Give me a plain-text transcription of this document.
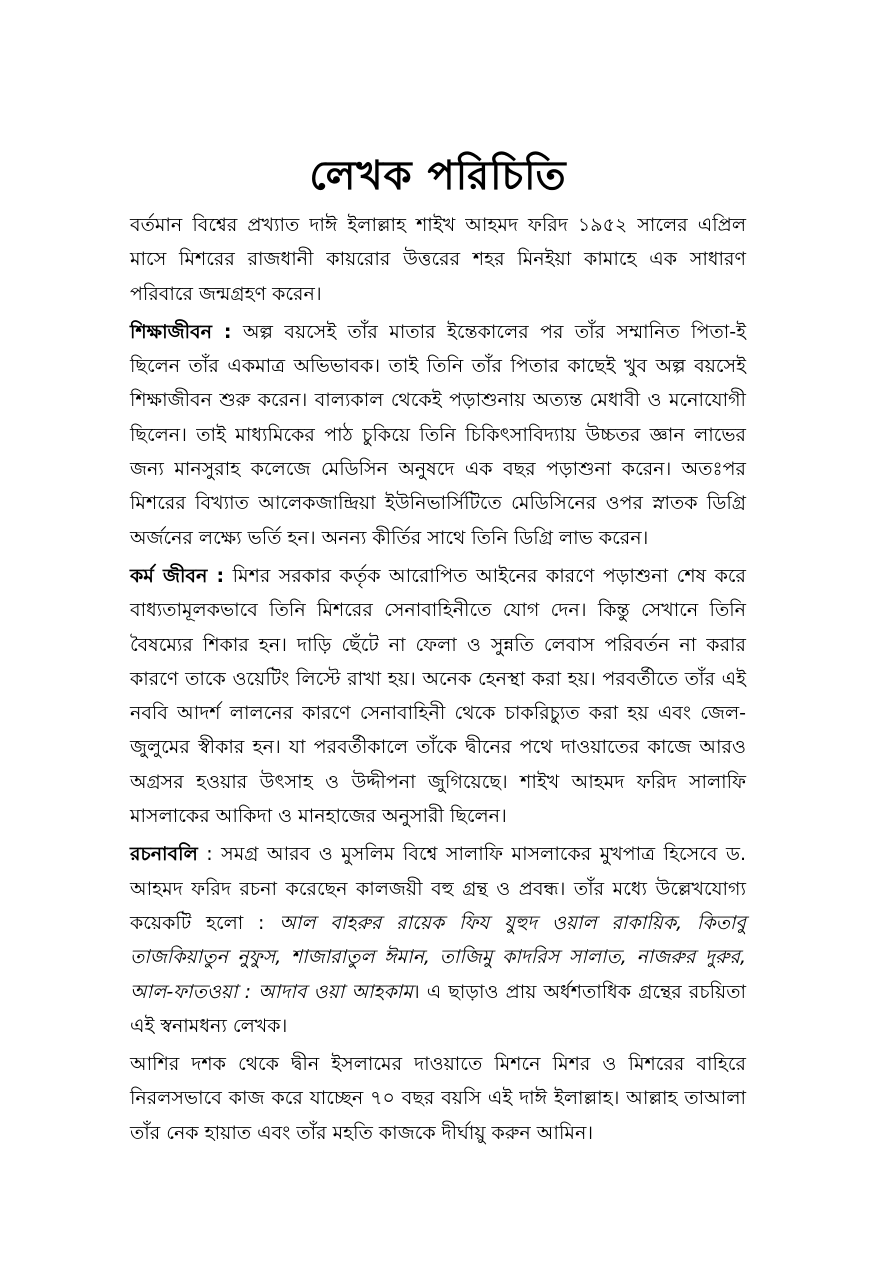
লেখক পরিচিতি

বর্তমান বিশ্বের প্রখ্যাত দাঈ ইলাল্লাহ শাইখ আহমদ ফরিদ ১৯৫২ সালের এপ্রিল মাসে মিশরের রাজধানী কায়রোর উত্তরের শহর মিনইয়া কামাহে এক সাধারণ পরিবারে জন্মগ্রহণ করেন।

শিক্ষাজীবন : অল্প বয়সেই তাঁর মাতার ইন্তেকালের পর তাঁর সম্মানিত পিতা-ই ছিলেন তাঁর একমাত্র অভিভাবক। তাই তিনি তাঁর পিতার কাছেই খুব অল্প বয়সেই শিক্ষাজীবন শুরু করেন। বাল্যকাল থেকেই পড়াশুনায় অত্যন্ত মেধাবী ও মনোযোগী ছিলেন। তাই মাধ্যমিকের পাঠ চুকিয়ে তিনি চিকিৎসাবিদ্যায় উচ্চতর জ্ঞান লাভের জন্য মানসুরাহ কলেজে মেডিসিন অনুষদে এক বছর পড়াশুনা করেন। অতঃপর মিশরের বিখ্যাত আলেকজান্দ্রিয়া ইউনিভার্সিটিতে মেডিসিনের ওপর স্নাতক ডিগ্রি অর্জনের লক্ষ্যে ভর্তি হন। অনন্য কীর্তির সাথে তিনি ডিগ্রি লাভ করেন।

কর্ম জীবন : মিশর সরকার কর্তৃক আরোপিত আইনের কারণে পড়াশুনা শেষ করে বাধ্যতামূলকভাবে তিনি মিশরের সেনাবাহিনীতে যোগ দেন। কিন্তু সেখানে তিনি বৈষম্যের শিকার হন। দাড়ি ছেঁটে না ফেলা ও সুন্নতি লেবাস পরিবর্তন না করার কারণে তাকে ওয়েটিং লিস্টে রাখা হয়। অনেক হেনস্থা করা হয়। পরবর্তীতে তাঁর এই নববি আদর্শ লালনের কারণে সেনাবাহিনী থেকে চাকরিচ্যুত করা হয় এবং জেল-জুলুমের স্বীকার হন। যা পরবর্তীকালে তাঁকে দ্বীনের পথে দাওয়াতের কাজে আরও অগ্রসর হওয়ার উৎসাহ ও উদ্দীপনা জুগিয়েছে। শাইখ আহমদ ফরিদ সালাফি মাসলাকের আকিদা ও মানহাজের অনুসারী ছিলেন।

রচনাবলি : সমগ্র আরব ও মুসলিম বিশ্বে সালাফি মাসলাকের মুখপাত্র হিসেবে ড. আহমদ ফরিদ রচনা করেছেন কালজয়ী বহু গ্রন্থ ও প্রবন্ধ। তাঁর মধ্যে উল্লেখযোগ্য কয়েকটি হলো : আল বাহরুর রায়েক ফিয যুহুদ ওয়াল রাকায়িক, কিতাবু তাজকিয়াতুন নুফুস, শাজারাতুল ঈমান, তাজিমু কাদরিস সালাত, নাজরুর দুরুর, আল-ফাতওয়া : আদাব ওয়া আহকাম। এ ছাড়াও প্রায় অর্ধশতাধিক গ্রন্থের রচয়িতা এই স্বনামধন্য লেখক।

আশির দশক থেকে দ্বীন ইসলামের দাওয়াতে মিশনে মিশর ও মিশরের বাহিরে নিরলসভাবে কাজ করে যাচ্ছেন ৭০ বছর বয়সি এই দাঈ ইলাল্লাহ। আল্লাহ তাআলা তাঁর নেক হায়াত এবং তাঁর মহতি কাজকে দীর্ঘায়ু করুন আমিন।
